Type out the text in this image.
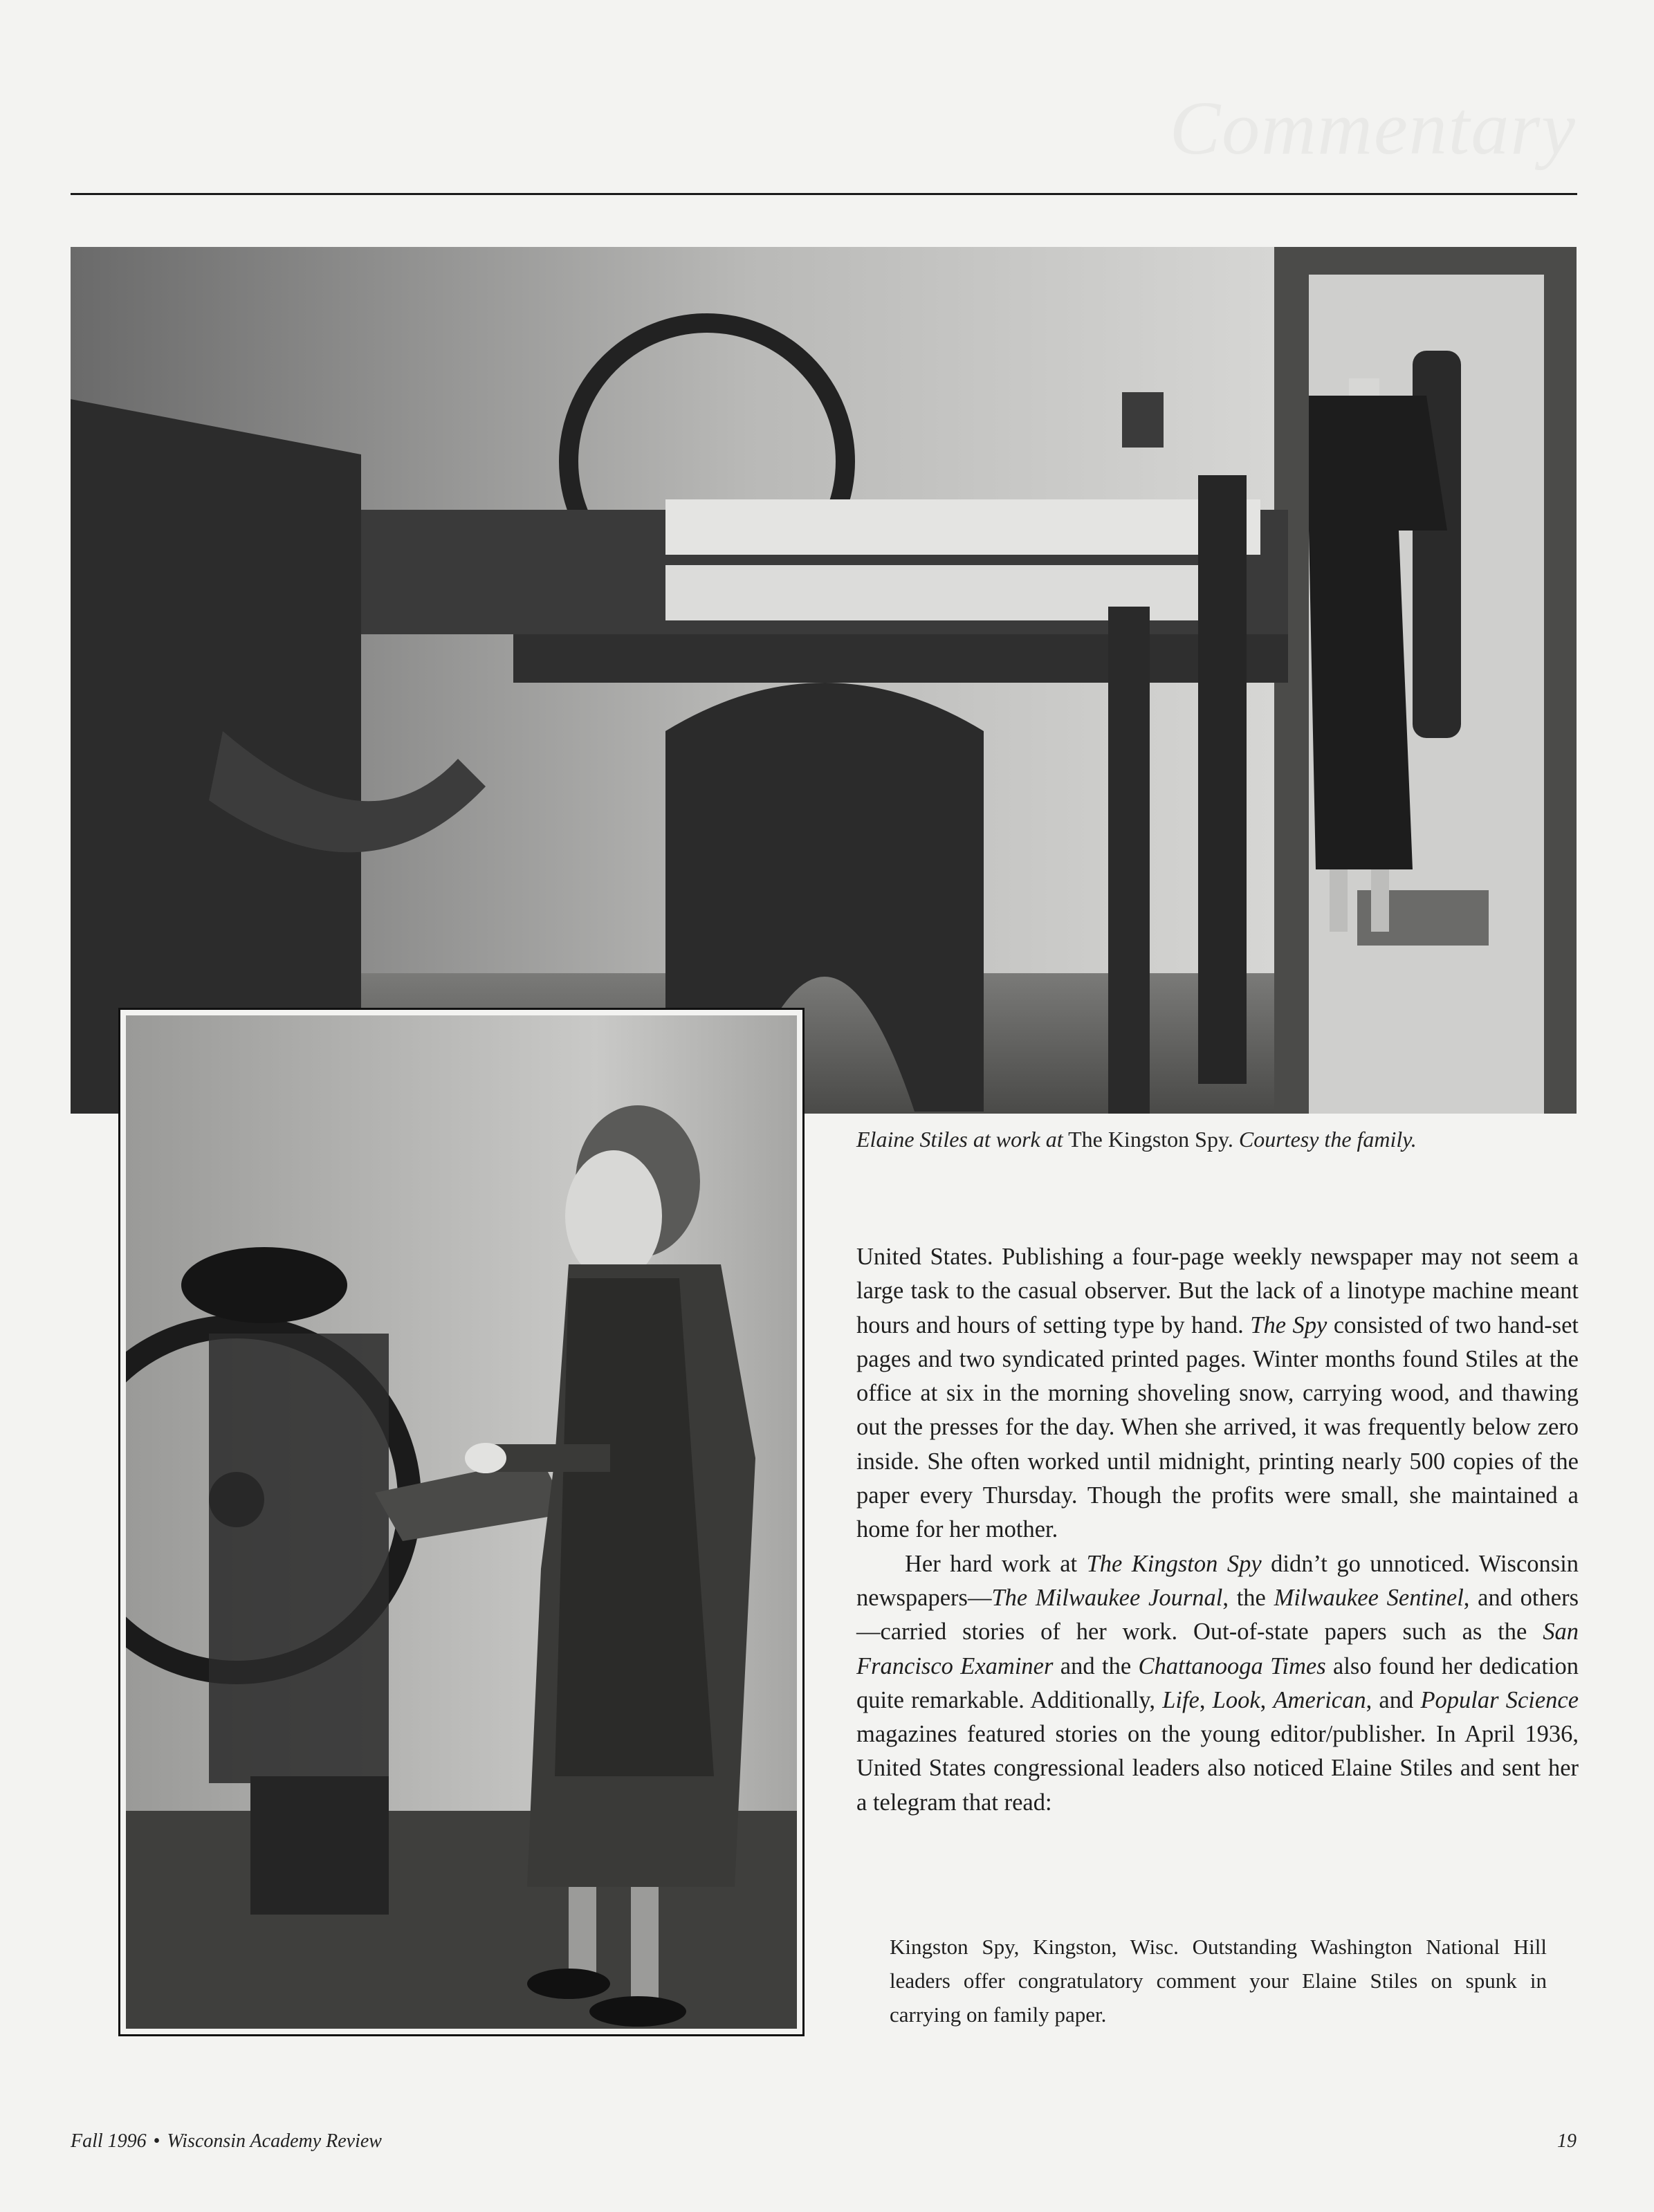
Commentary
Elaine Stiles at work at The Kingston Spy. Courtesy the family.

United States. Publishing a four-page weekly newspaper may not seem a large task to the casual observer. But the lack of a linotype machine meant hours and hours of setting type by hand. The Spy consisted of two hand-set pages and two syndicated printed pages. Winter months found Stiles at the office at six in the morning shoveling snow, carrying wood, and thawing out the presses for the day. When she arrived, it was frequently below zero inside. She often worked until midnight, printing nearly 500 copies of the paper every Thursday. Though the profits were small, she maintained a home for her mother.

Her hard work at The Kingston Spy didn’t go unnoticed. Wisconsin newspapers—The Milwaukee Journal, the Milwaukee Sentinel, and others—carried stories of her work. Out-of-state papers such as the San Francisco Examiner and the Chattanooga Times also found her dedication quite remarkable. Additionally, Life, Look, American, and Popular Science magazines featured stories on the young editor/publisher. In April 1936, United States congressional leaders also noticed Elaine Stiles and sent her a telegram that read:

Kingston Spy, Kingston, Wisc. Outstanding Washington National Hill leaders offer congratulatory comment your Elaine Stiles on spunk in carrying on family paper.
Fall 1996 • Wisconsin Academy Review	19
